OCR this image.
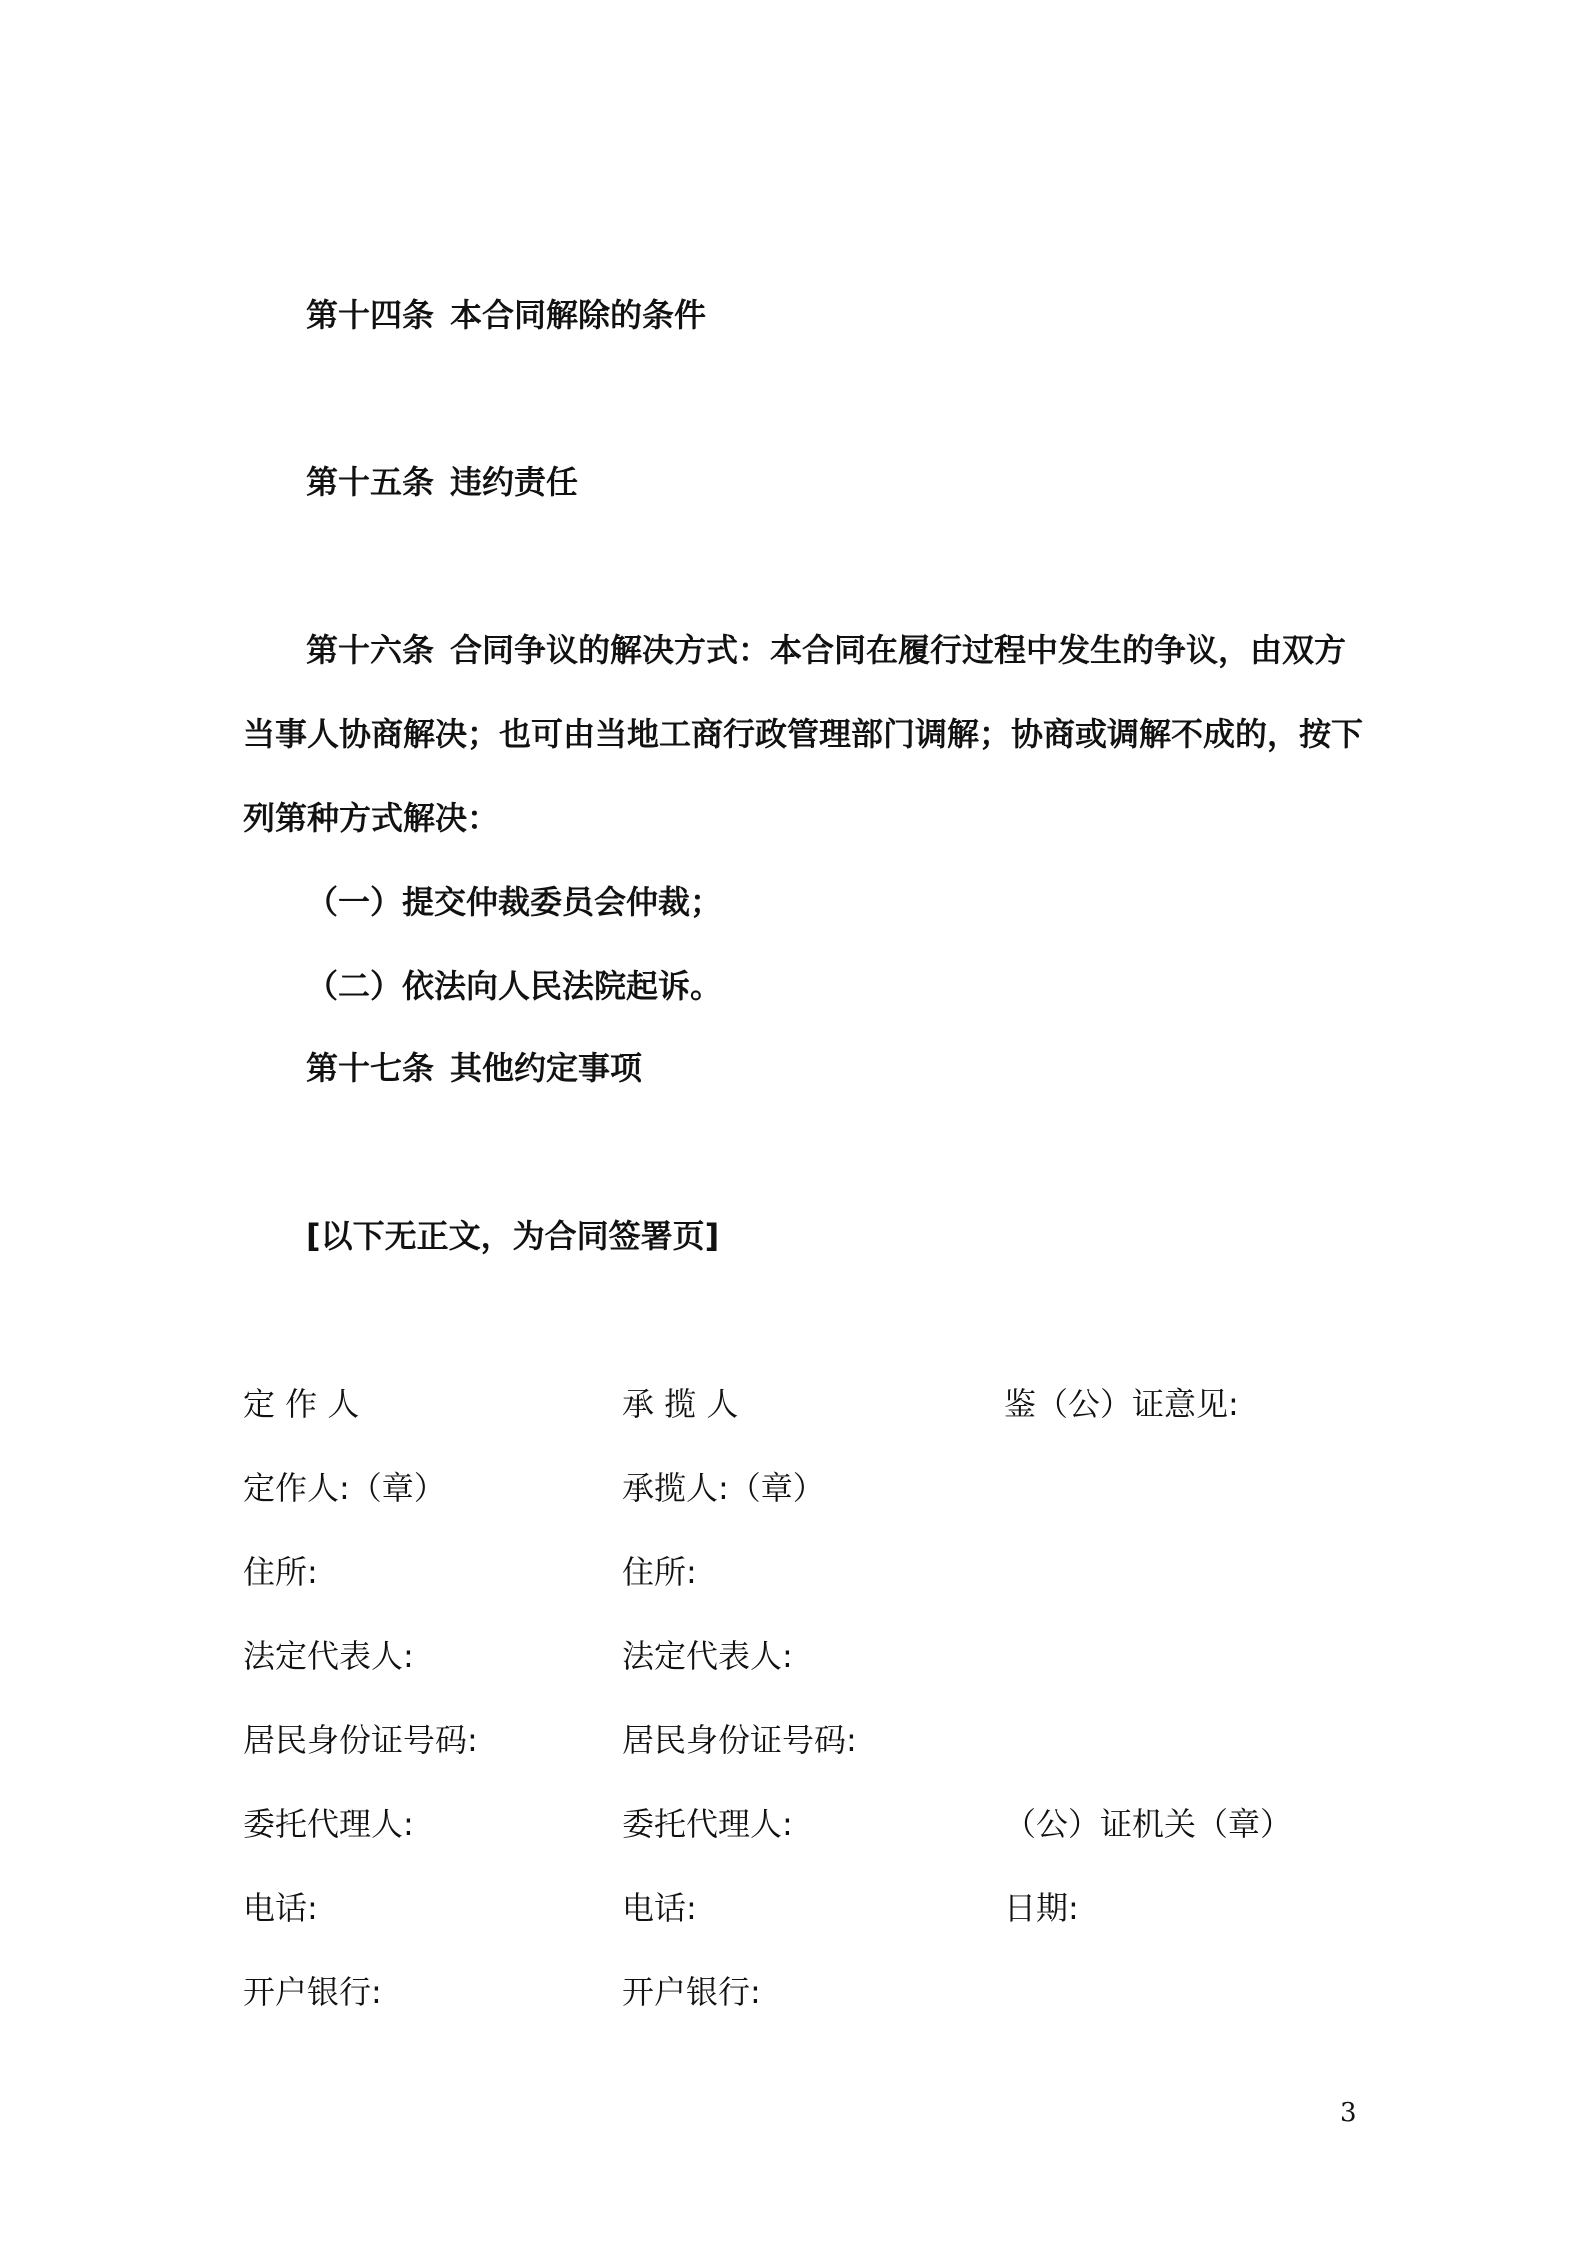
第十四条 本合同解除的条件
第十五条 违约责任
第十六条 合同争议的解决方式：本合同在履行过程中发生的争议，由双方
当事人协商解决；也可由当地工商行政管理部门调解；协商或调解不成的，按下
列第种方式解决：
（一）提交仲裁委员会仲裁；
（二）依法向人民法院起诉。
第十七条 其他约定事项
[以下无正文，为合同签署页]
定 作 人	承 揽 人	鉴（公）证意见:
定作人:（章）	承揽人:（章）
住所:	住所:
法定代表人:	法定代表人:
居民身份证号码:	居民身份证号码:
委托代理人:	委托代理人:	（公）证机关（章）
电话:	电话:	日期:
开户银行:	开户银行:
3
